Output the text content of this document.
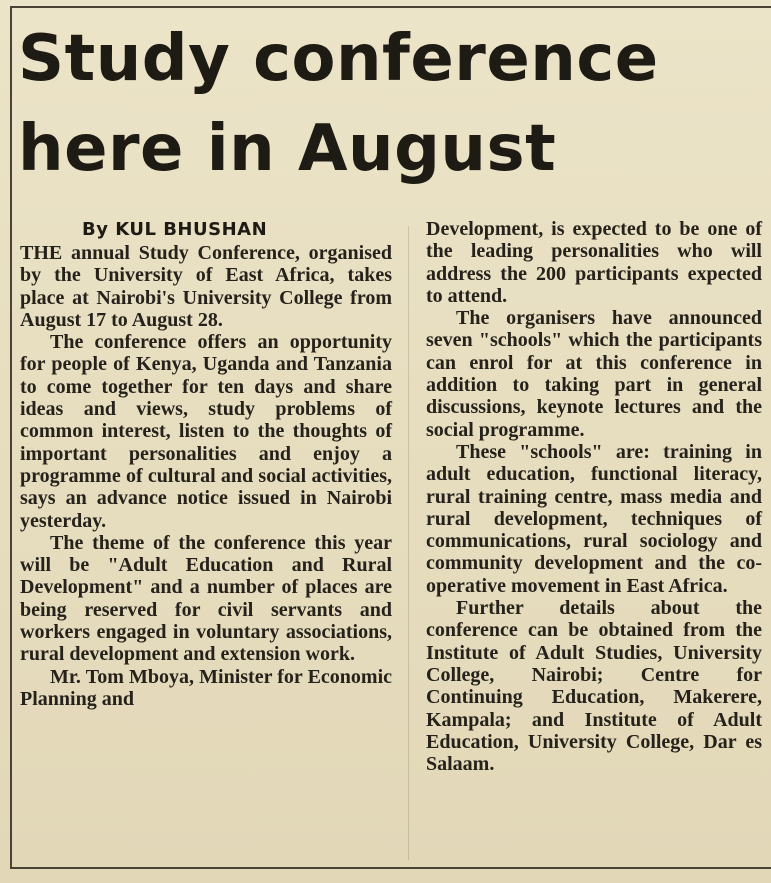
Study conference
here in August
By KUL BHUSHAN

THE annual Study Conference, organised by the University of East Africa, takes place at Nairobi's University College from August 17 to August 28.

The conference offers an opportunity for people of Kenya, Uganda and Tanzania to come together for ten days and share ideas and views, study problems of common interest, listen to the thoughts of important personalities and enjoy a programme of cultural and social activities, says an advance notice issued in Nairobi yesterday.

The theme of the conference this year will be "Adult Education and Rural Development" and a number of places are being reserved for civil servants and workers engaged in voluntary associations, rural development and extension work.

Mr. Tom Mboya, Minister for Economic Planning and

Development, is expected to be one of the leading personalities who will address the 200 participants expected to attend.

The organisers have announced seven "schools" which the participants can enrol for at this conference in addition to taking part in general discussions, keynote lectures and the social programme.

These "schools" are: training in adult education, functional literacy, rural training centre, mass media and rural development, techniques of communications, rural sociology and community development and the co-operative movement in East Africa.

Further details about the conference can be obtained from the Institute of Adult Studies, University College, Nairobi; Centre for Continuing Education, Makerere, Kampala; and Institute of Adult Education, University College, Dar es Salaam.
